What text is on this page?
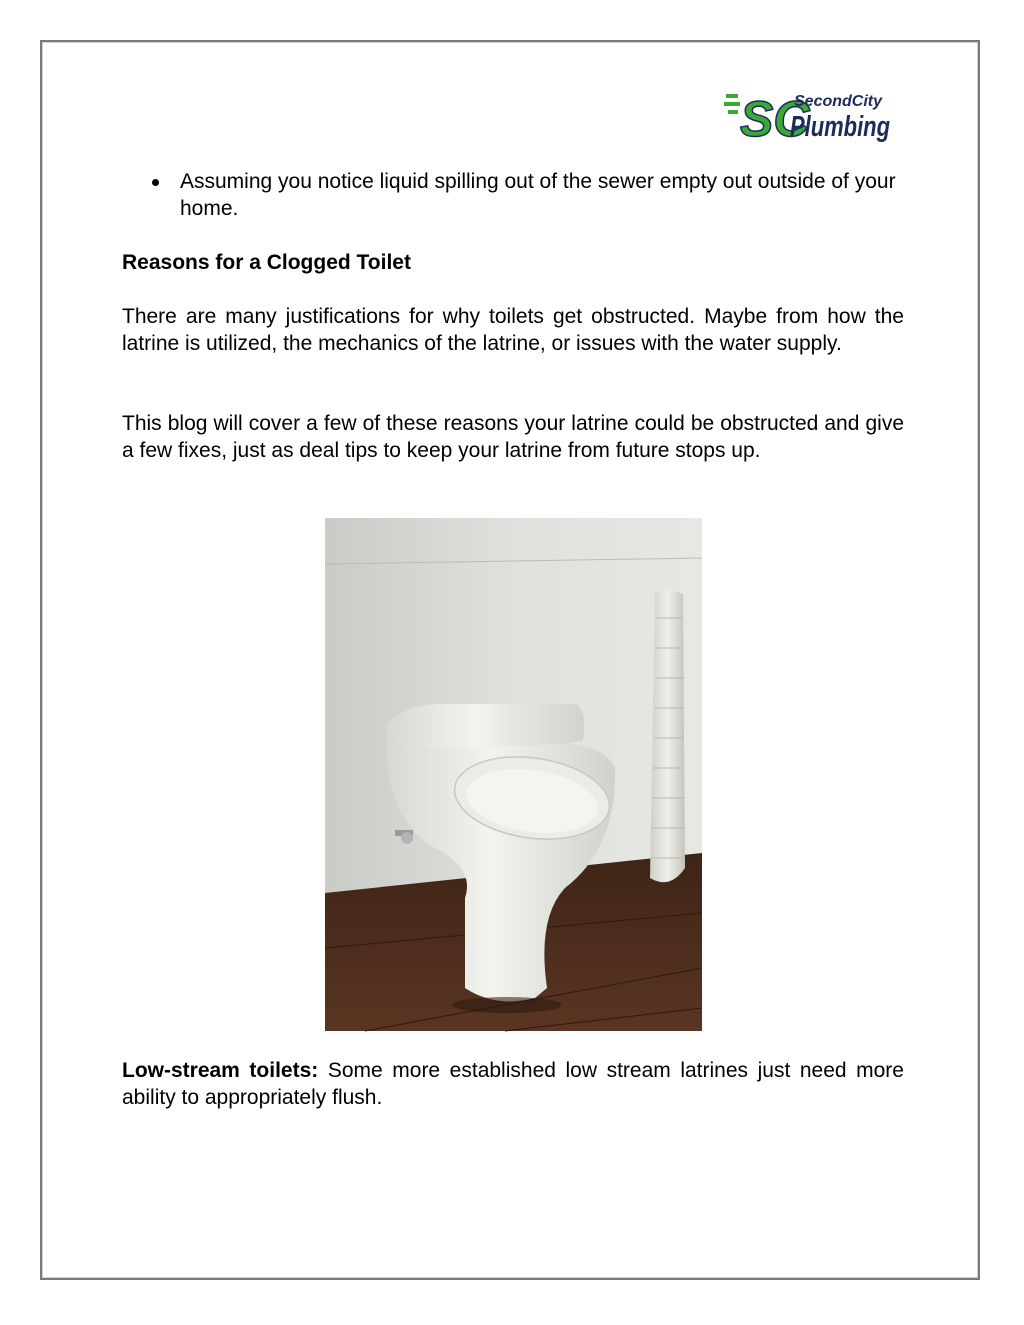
SC
SecondCity
Plumbing
Assuming you notice liquid spilling out of the sewer empty out outside of your home.
Reasons for a Clogged Toilet

There are many justifications for why toilets get obstructed. Maybe from how the latrine is utilized, the mechanics of the latrine, or issues with the water supply.

This blog will cover a few of these reasons your latrine could be obstructed and give a few fixes, just as deal tips to keep your latrine from future stops up.

Low-stream toilets: Some more established low stream latrines just need more ability to appropriately flush.
